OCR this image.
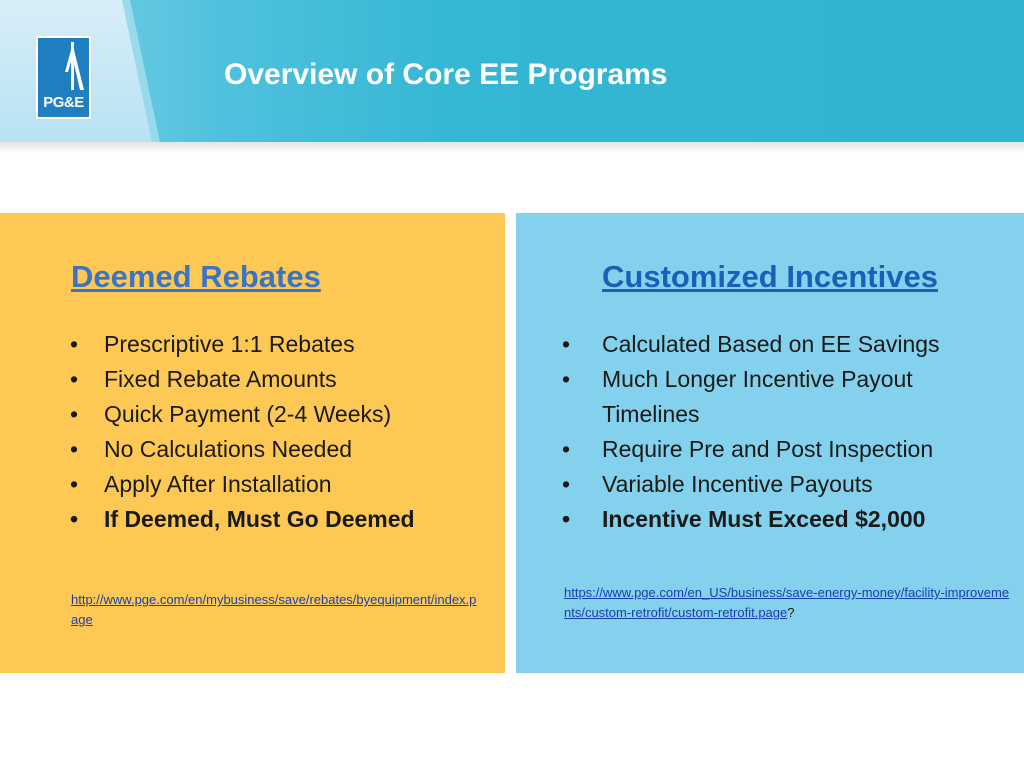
PG&E
Overview of Core EE Programs
Deemed Rebates
• Prescriptive 1:1 Rebates
• Fixed Rebate Amounts
• Quick Payment (2-4 Weeks)
• No Calculations Needed
• Apply After Installation
• If Deemed, Must Go Deemed
http://www.pge.com/en/mybusiness/save/rebates/byequipment/index.page
Customized Incentives
• Calculated Based on EE Savings
• Much Longer Incentive Payout Timelines
• Require Pre and Post Inspection
• Variable Incentive Payouts
• Incentive Must Exceed $2,000
https://www.pge.com/en_US/business/save-energy-money/facility-improvements/custom-retrofit/custom-retrofit.page?
